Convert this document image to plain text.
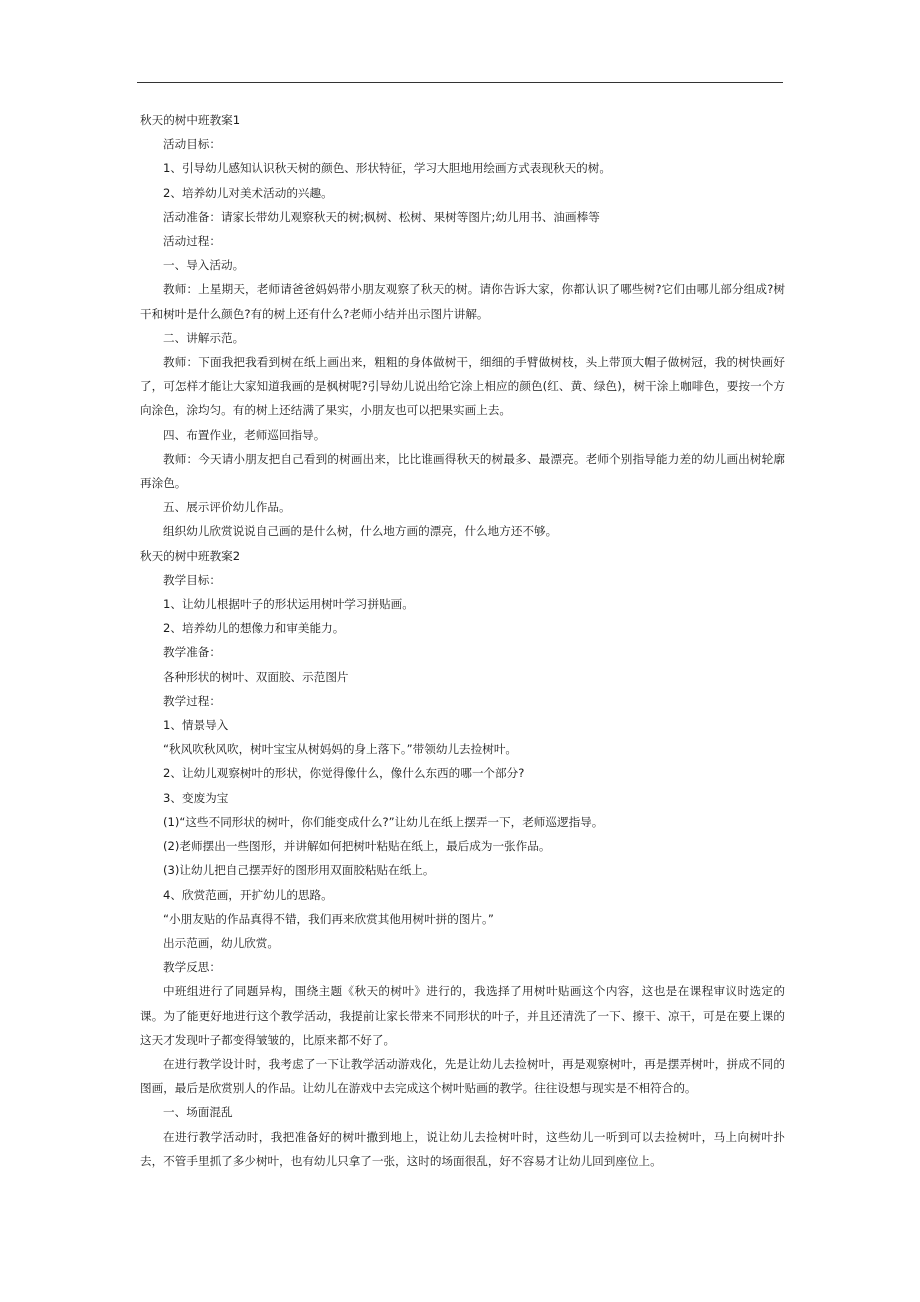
秋天的树中班教案1

活动目标：

1、引导幼儿感知认识秋天树的颜色、形状特征，学习大胆地用绘画方式表现秋天的树。

2、培养幼儿对美术活动的兴趣。

活动准备：请家长带幼儿观察秋天的树;枫树、松树、果树等图片;幼儿用书、油画棒等

活动过程：

一、导入活动。

教师：上星期天，老师请爸爸妈妈带小朋友观察了秋天的树。请你告诉大家，你都认识了哪些树?它们由哪儿部分组成?树干和树叶是什么颜色?有的树上还有什么?老师小结并出示图片讲解。

二、讲解示范。

教师：下面我把我看到树在纸上画出来，粗粗的身体做树干，细细的手臂做树枝，头上带顶大帽子做树冠，我的树快画好了，可怎样才能让大家知道我画的是枫树呢?引导幼儿说出给它涂上相应的颜色(红、黄、绿色)，树干涂上咖啡色，要按一个方向涂色，涂均匀。有的树上还结满了果实，小朋友也可以把果实画上去。

四、布置作业，老师巡回指导。

教师：今天请小朋友把自己看到的树画出来，比比谁画得秋天的树最多、最漂亮。老师个别指导能力差的幼儿画出树轮廓再涂色。

五、展示评价幼儿作品。

组织幼儿欣赏说说自己画的是什么树，什么地方画的漂亮，什么地方还不够。

秋天的树中班教案2

教学目标：

1、让幼儿根据叶子的形状运用树叶学习拼贴画。

2、培养幼儿的想像力和审美能力。

教学准备：

各种形状的树叶、双面胶、示范图片

教学过程：

1、情景导入

“秋风吹秋风吹，树叶宝宝从树妈妈的身上落下。”带领幼儿去捡树叶。

2、让幼儿观察树叶的形状，你觉得像什么，像什么东西的哪一个部分?

3、变废为宝

(1)“这些不同形状的树叶，你们能变成什么?”让幼儿在纸上摆弄一下，老师巡逻指导。

(2)老师摆出一些图形，并讲解如何把树叶粘贴在纸上，最后成为一张作品。

(3)让幼儿把自己摆弄好的图形用双面胶粘贴在纸上。

4、欣赏范画，开扩幼儿的思路。

“小朋友贴的作品真得不错，我们再来欣赏其他用树叶拼的图片。”

出示范画，幼儿欣赏。

教学反思：

中班组进行了同题异构，围绕主题《秋天的树叶》进行的，我选择了用树叶贴画这个内容，这也是在课程审议时选定的课。为了能更好地进行这个教学活动，我提前让家长带来不同形状的叶子，并且还清洗了一下、擦干、凉干，可是在要上课的这天才发现叶子都变得皱皱的，比原来都不好了。

在进行教学设计时，我考虑了一下让教学活动游戏化，先是让幼儿去捡树叶，再是观察树叶，再是摆弄树叶，拼成不同的图画，最后是欣赏别人的作品。让幼儿在游戏中去完成这个树叶贴画的教学。往往设想与现实是不相符合的。

一、场面混乱

在进行教学活动时，我把准备好的树叶撒到地上，说让幼儿去捡树叶时，这些幼儿一听到可以去捡树叶，马上向树叶扑去，不管手里抓了多少树叶，也有幼儿只拿了一张，这时的场面很乱，好不容易才让幼儿回到座位上。
